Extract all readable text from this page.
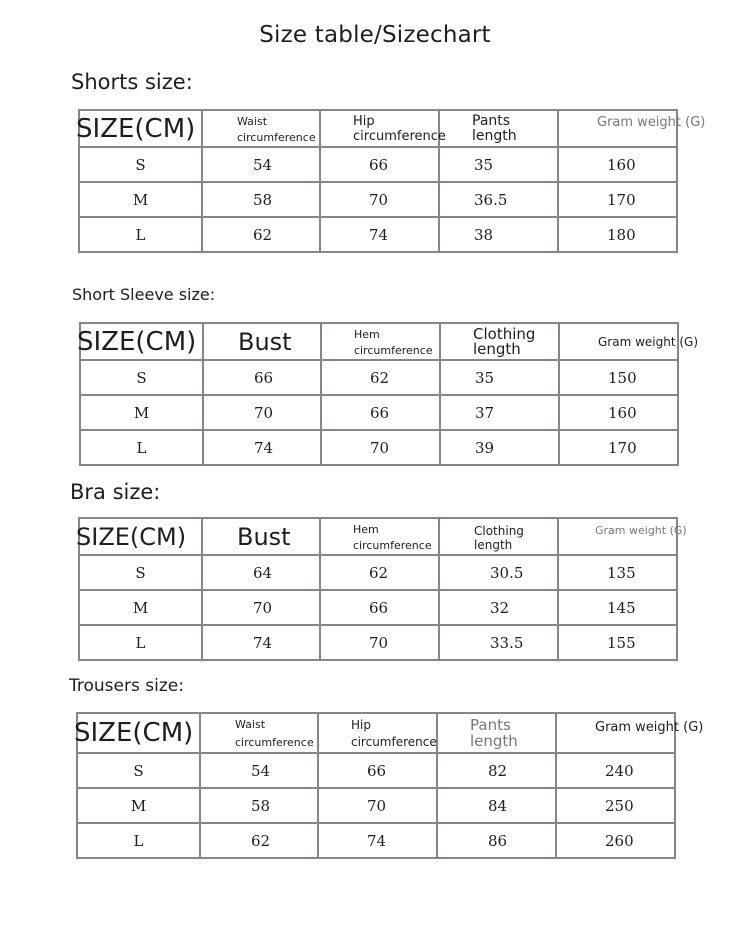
Size table/Sizechart
Shorts size:
SIZE(CM)	Waist circumference	Hip circumference	Pants length	Gram weight (G)

S	54	66	35	160
M	58	70	36.5	170
L	62	74	38	180
Short Sleeve size:
SIZE(CM)	Bust	Hem circumference	Clothing length	Gram weight (G)

S	66	62	35	150
M	70	66	37	160
L	74	70	39	170
Bra size:
SIZE(CM)	Bust	Hem circumference	Clothing length	Gram weight (G)

S	64	62	30.5	135
M	70	66	32	145
L	74	70	33.5	155
Trousers size:
SIZE(CM)	Waist circumference	Hip circumference	Pants length	Gram weight (G)

S	54	66	82	240
M	58	70	84	250
L	62	74	86	260
